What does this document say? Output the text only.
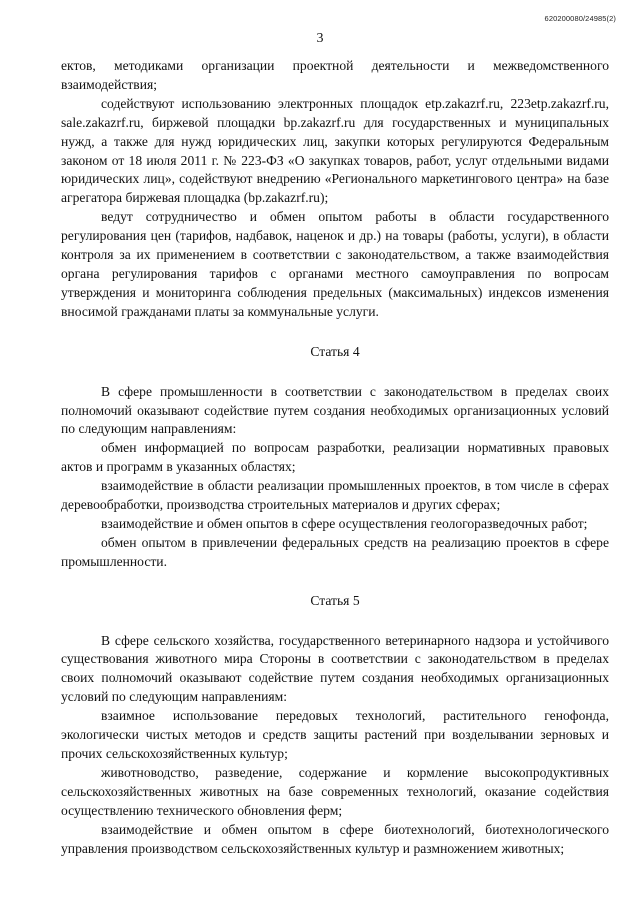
620200080/24985(2)
3

ектов, методиками организации проектной деятельности и межведомственного взаимодействия;

содействуют использованию электронных площадок etp.zakazrf.ru, 223etp.zakazrf.ru, sale.zakazrf.ru, биржевой площадки bp.zakazrf.ru для государственных и муниципальных нужд, а также для нужд юридических лиц, закупки которых регулируются Федеральным законом от 18 июля 2011 г. № 223-ФЗ «О закупках товаров, работ, услуг отдельными видами юридических лиц», содействуют внедрению «Регионального маркетингового центра» на базе агрегатора биржевая площадка (bp.zakazrf.ru);

ведут сотрудничество и обмен опытом работы в области государственного регулирования цен (тарифов, надбавок, наценок и др.) на товары (работы, услуги), в области контроля за их применением в соответствии с законодательством, а также взаимодействия органа регулирования тарифов с органами местного самоуправления по вопросам утверждения и мониторинга соблюдения предельных (максимальных) индексов изменения вносимой гражданами платы за коммунальные услуги.

Статья 4

В сфере промышленности в соответствии с законодательством в пределах своих полномочий оказывают содействие путем создания необходимых организационных условий по следующим направлениям:

обмен информацией по вопросам разработки, реализации нормативных правовых актов и программ в указанных областях;

взаимодействие в области реализации промышленных проектов, в том числе в сферах деревообработки, производства строительных материалов и других сферах;

взаимодействие и обмен опытов в сфере осуществления геологоразведочных работ;

обмен опытом в привлечении федеральных средств на реализацию проектов в сфере промышленности.

Статья 5

В сфере сельского хозяйства, государственного ветеринарного надзора и устойчивого существования животного мира Стороны в соответствии с законодательством в пределах своих полномочий оказывают содействие путем создания необходимых организационных условий по следующим направлениям:

взаимное использование передовых технологий, растительного генофонда, экологически чистых методов и средств защиты растений при возделывании зерновых и прочих сельскохозяйственных культур;

животноводство, разведение, содержание и кормление высокопродуктивных сельскохозяйственных животных на базе современных технологий, оказание содействия осуществлению технического обновления ферм;

взаимодействие и обмен опытом в сфере биотехнологий, биотехнологического управления производством сельскохозяйственных культур и размножением животных;
